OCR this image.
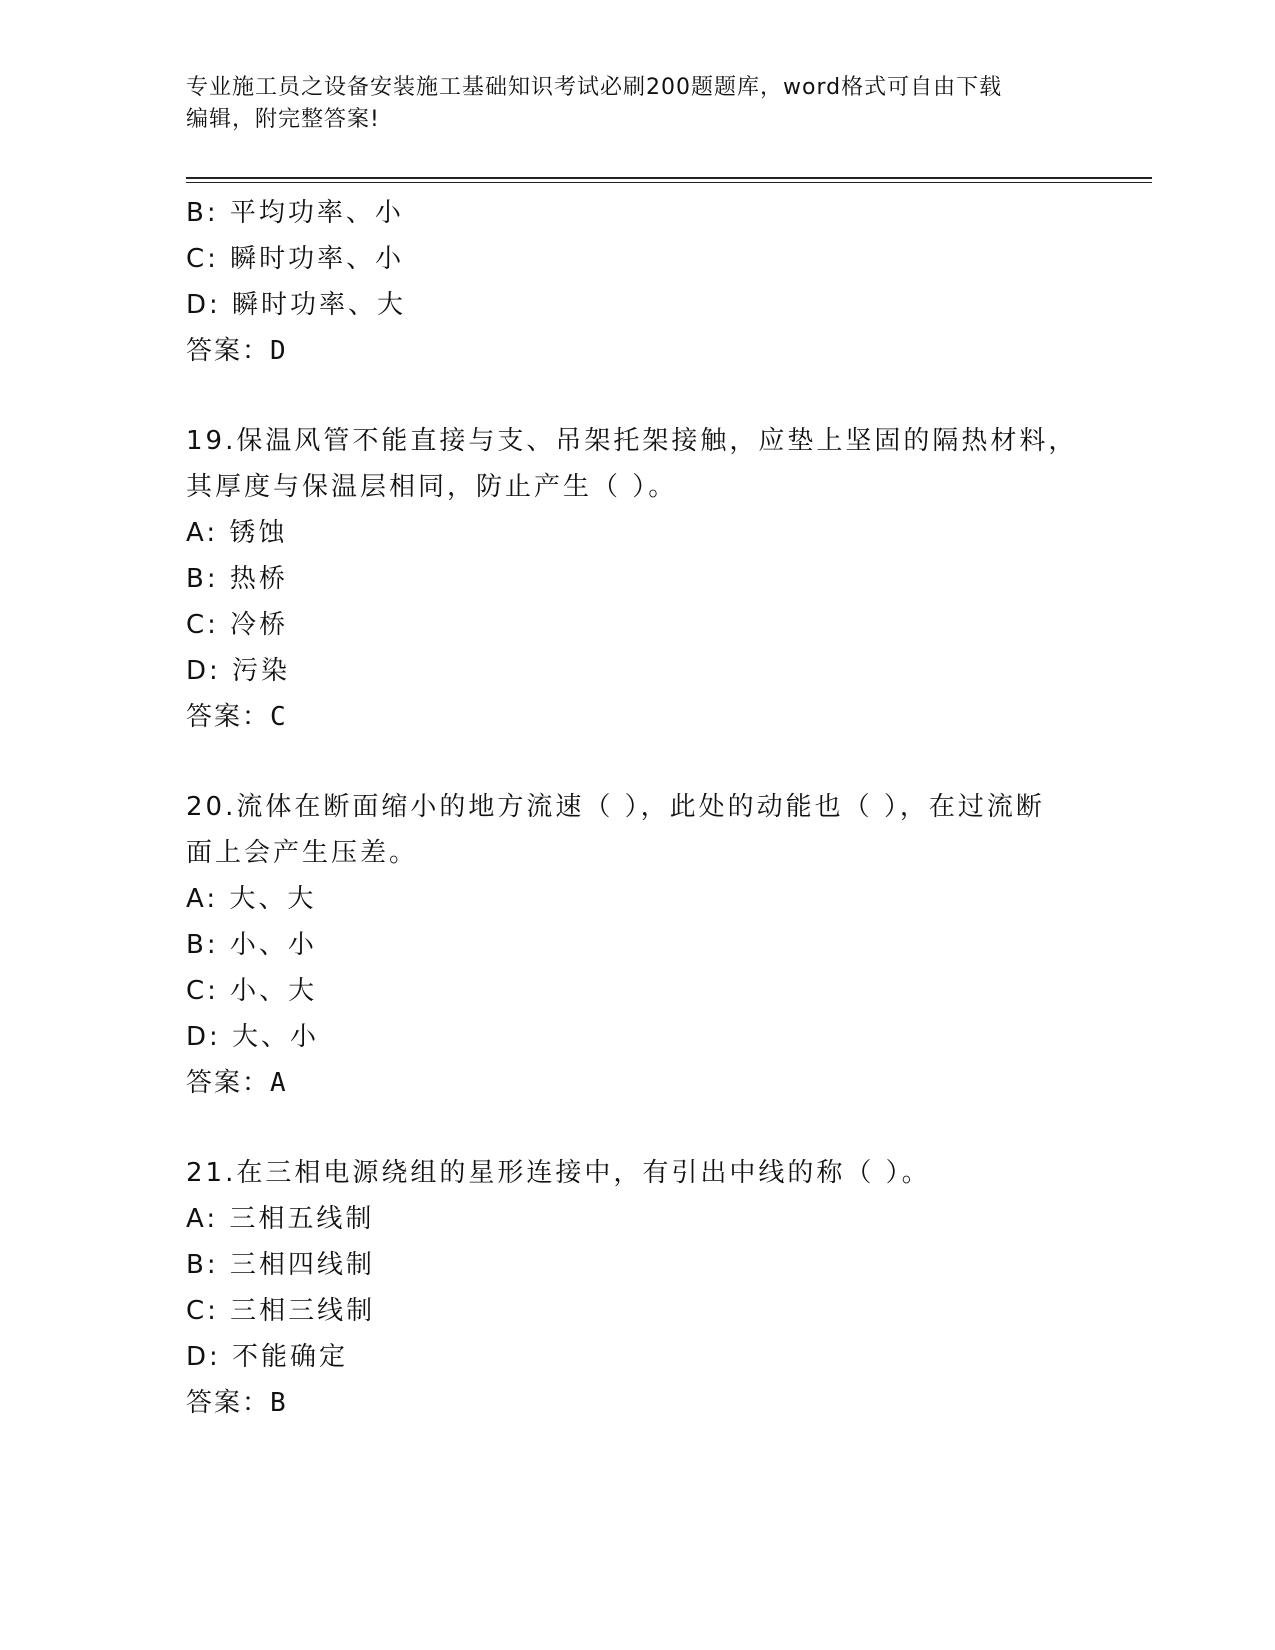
专业施工员之设备安装施工基础知识考试必刷200题题库，word格式可自由下载
编辑，附完整答案!
B: 平均功率、小
C: 瞬时功率、小
D: 瞬时功率、大
答案：D
19.保温风管不能直接与支、吊架托架接触，应垫上坚固的隔热材料，
其厚度与保温层相同，防止产生（ ）。
A: 锈蚀
B: 热桥
C: 冷桥
D: 污染
答案：C
20.流体在断面缩小的地方流速（ ），此处的动能也（ ），在过流断
面上会产生压差。
A: 大、大
B: 小、小
C: 小、大
D: 大、小
答案：A
21.在三相电源绕组的星形连接中，有引出中线的称（ ）。
A: 三相五线制
B: 三相四线制
C: 三相三线制
D: 不能确定
答案：B
